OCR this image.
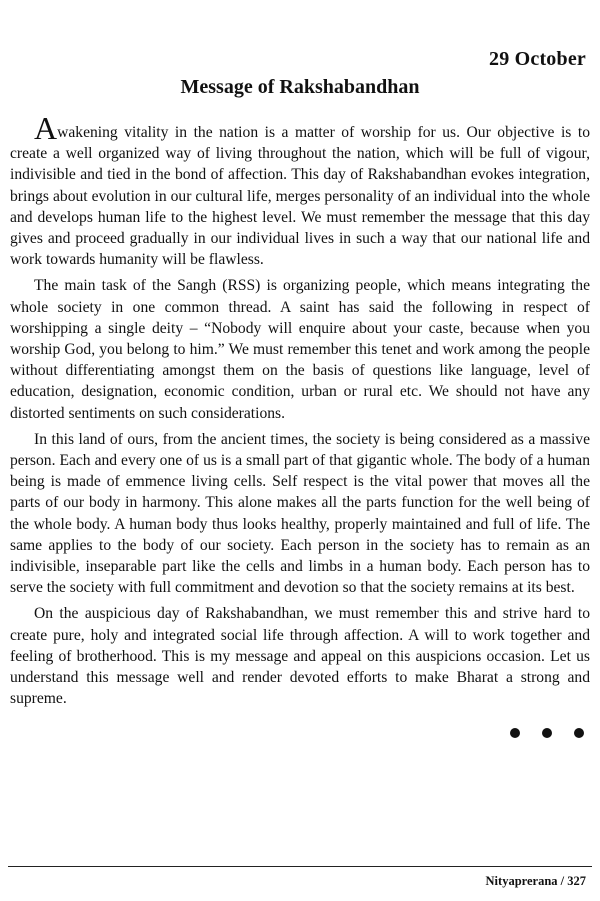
29 October
Message of Rakshabandhan

Awakening vitality in the nation is a matter of worship for us. Our objective is to create a well organized way of living throughout the nation, which will be full of vigour, indivisible and tied in the bond of affection. This day of Rakshabandhan evokes integration, brings about evolution in our cultural life, merges personality of an individual into the whole and develops human life to the highest level. We must remember the message that this day gives and proceed gradually in our individual lives in such a way that our national life and work towards humanity will be flawless.

The main task of the Sangh (RSS) is organizing people, which means integrating the whole society in one common thread. A saint has said the following in respect of worshipping a single deity – “Nobody will enquire about your caste, because when you worship God, you belong to him.” We must remember this tenet and work among the people without differentiating amongst them on the basis of questions like language, level of education, designation, economic condition, urban or rural etc. We should not have any distorted sentiments on such considerations.

In this land of ours, from the ancient times, the society is being considered as a massive person. Each and every one of us is a small part of that gigantic whole. The body of a human being is made of emmence living cells. Self respect is the vital power that moves all the parts of our body in harmony. This alone makes all the parts function for the well being of the whole body. A human body thus looks healthy, properly maintained and full of life. The same applies to the body of our society. Each person in the society has to remain as an indivisible, inseparable part like the cells and limbs in a human body. Each person has to serve the society with full commitment and devotion so that the society remains at its best.

On the auspicious day of Rakshabandhan, we must remember this and strive hard to create pure, holy and integrated social life through affection. A will to work together and feeling of brotherhood. This is my message and appeal on this auspicions occasion. Let us understand this message well and render devoted efforts to make Bharat a strong and supreme.

Nityaprerana / 327
